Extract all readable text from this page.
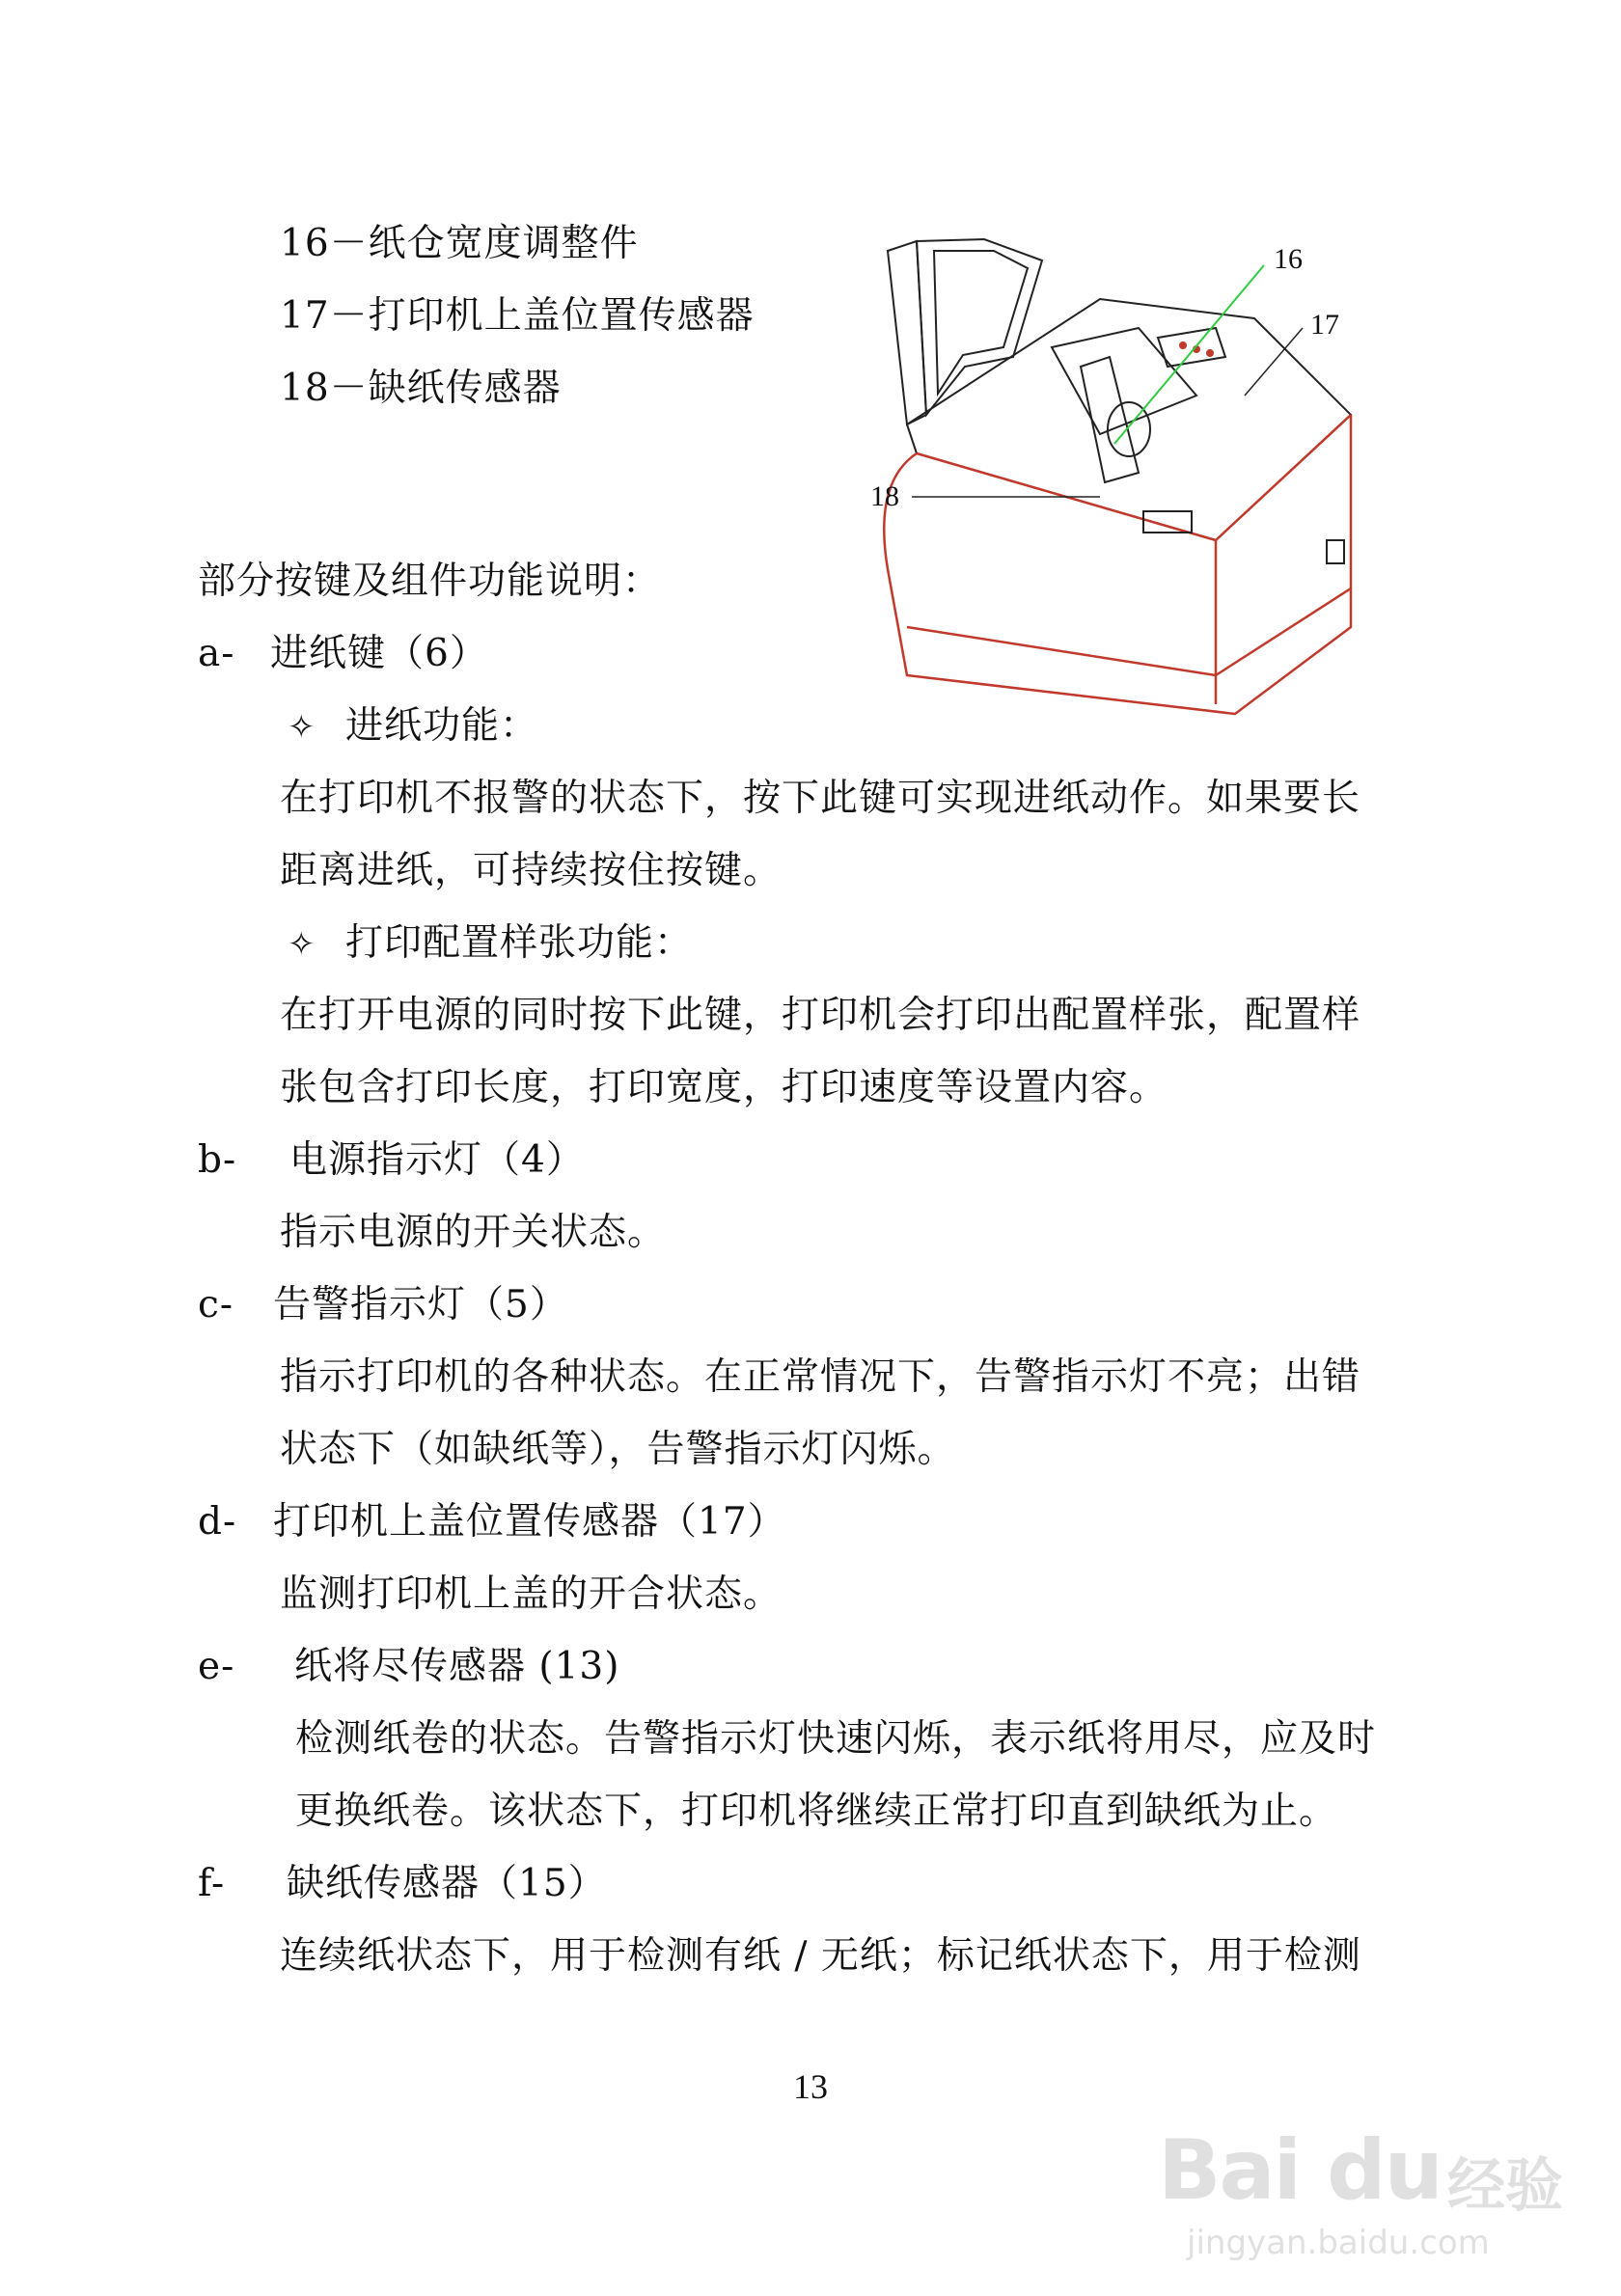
16－纸仓宽度调整件
17－打印机上盖位置传感器
18－缺纸传感器
16
17
18
部分按键及组件功能说明：
a- 进纸键（6）
✧ 进纸功能：
在打印机不报警的状态下，按下此键可实现进纸动作。如果要长
距离进纸，可持续按住按键。
✧ 打印配置样张功能：
在打开电源的同时按下此键，打印机会打印出配置样张，配置样
张包含打印长度，打印宽度，打印速度等设置内容。
b- 电源指示灯（4）
指示电源的开关状态。
c- 告警指示灯（5）
指示打印机的各种状态。在正常情况下，告警指示灯不亮；出错
状态下（如缺纸等），告警指示灯闪烁。
d- 打印机上盖位置传感器（17）
监测打印机上盖的开合状态。
e- 纸将尽传感器 (13)
检测纸卷的状态。告警指示灯快速闪烁，表示纸将用尽，应及时
更换纸卷。该状态下，打印机将继续正常打印直到缺纸为止。
f- 缺纸传感器（15）
连续纸状态下，用于检测有纸 / 无纸；标记纸状态下，用于检测
13
Bai du 经验
jingyan.baidu.com
